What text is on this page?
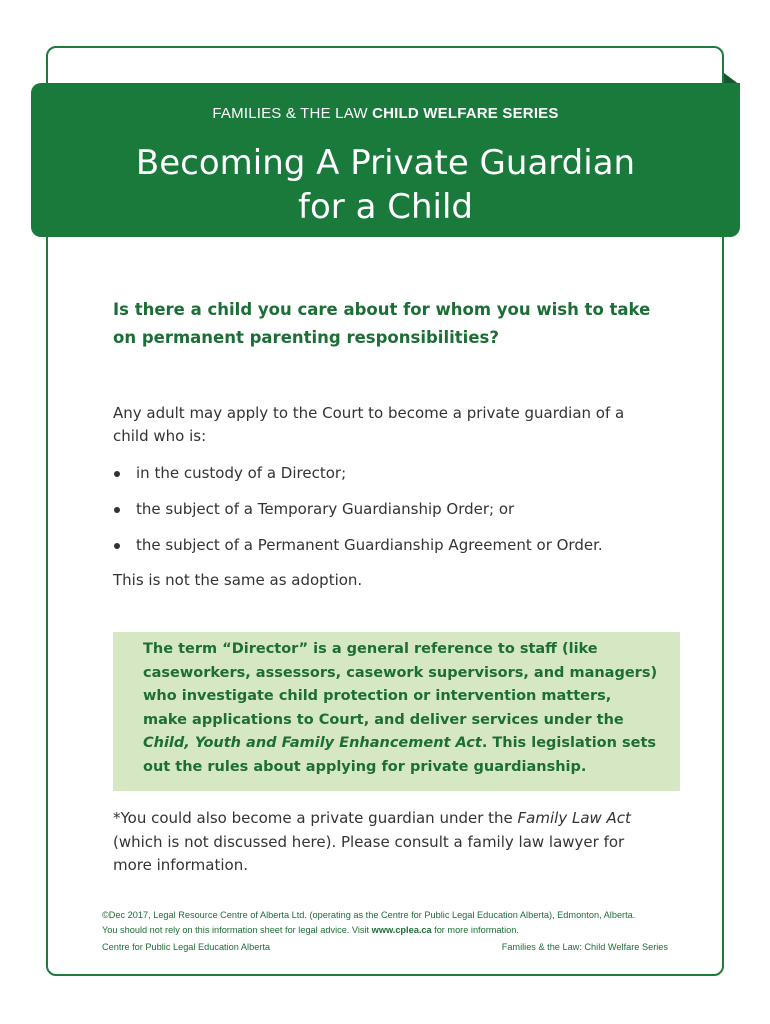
FAMILIES & THE LAW CHILD WELFARE SERIES
Becoming A Private Guardian
for a Child
Is there a child you care about for whom you wish to take on permanent parenting responsibilities?
Any adult may apply to the Court to become a private guardian of a child who is:
in the custody of a Director;
the subject of a Temporary Guardianship Order; or
the subject of a Permanent Guardianship Agreement or Order.
This is not the same as adoption.
The term “Director” is a general reference to staff (like caseworkers, assessors, casework supervisors, and managers) who investigate child protection or intervention matters, make applications to Court, and deliver services under the Child, Youth and Family Enhancement Act. This legislation sets out the rules about applying for private guardianship.
*You could also become a private guardian under the Family Law Act (which is not discussed here). Please consult a family law lawyer for more information.
©Dec 2017, Legal Resource Centre of Alberta Ltd. (operating as the Centre for Public Legal Education Alberta), Edmonton, Alberta.
You should not rely on this information sheet for legal advice. Visit www.cplea.ca for more information.
Centre for Public Legal Education Alberta	Families & the Law: Child Welfare Series
